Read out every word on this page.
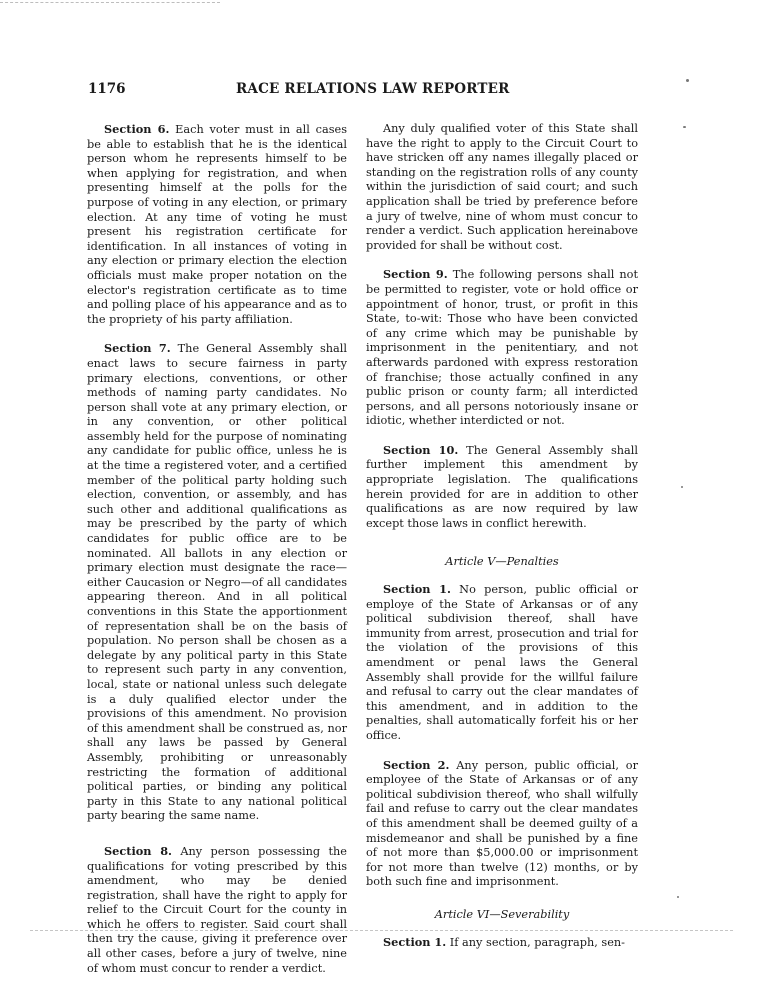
1176	RACE RELATIONS LAW REPORTER

Section 6. Each voter must in all cases be able to establish that he is the identical person whom he represents himself to be when applying for registration, and when presenting himself at the polls for the purpose of voting in any election, or primary election. At any time of voting he must present his registration certificate for identification. In all instances of voting in any election or primary election the election officials must make proper notation on the elector's registration certificate as to time and polling place of his appearance and as to the propriety of his party affiliation.

Section 7. The General Assembly shall enact laws to secure fairness in party primary elections, conventions, or other methods of naming party candidates. No person shall vote at any primary election, or in any convention, or other political assembly held for the purpose of nominating any candidate for public office, unless he is at the time a registered voter, and a certified member of the political party holding such election, convention, or assembly, and has such other and additional qualifications as may be prescribed by the party of which candidates for public office are to be nominated. All ballots in any election or primary election must designate the race—either Caucasion or Negro—of all candidates appearing thereon. And in all political conventions in this State the apportionment of representation shall be on the basis of population. No person shall be chosen as a delegate by any political party in this State to represent such party in any convention, local, state or national unless such delegate is a duly qualified elector under the provisions of this amendment. No provision of this amendment shall be construed as, nor shall any laws be passed by General Assembly, prohibiting or unreasonably restricting the formation of additional political parties, or binding any political party in this State to any national political party bearing the same name.

Section 8. Any person possessing the qualifications for voting prescribed by this amendment, who may be denied registration, shall have the right to apply for relief to the Circuit Court for the county in which he offers to register. Said court shall then try the cause, giving it preference over all other cases, before a jury of twelve, nine of whom must concur to render a verdict.

Any duly qualified voter of this State shall have the right to apply to the Circuit Court to have stricken off any names illegally placed or standing on the registration rolls of any county within the jurisdiction of said court; and such application shall be tried by preference before a jury of twelve, nine of whom must concur to render a verdict. Such application hereinabove provided for shall be without cost.

Section 9. The following persons shall not be permitted to register, vote or hold office or appointment of honor, trust, or profit in this State, to-wit: Those who have been convicted of any crime which may be punishable by imprisonment in the penitentiary, and not afterwards pardoned with express restoration of franchise; those actually confined in any public prison or county farm; all interdicted persons, and all persons notoriously insane or idiotic, whether interdicted or not.

Section 10. The General Assembly shall further implement this amendment by appropriate legislation. The qualifications herein provided for are in addition to other qualifications as are now required by law except those laws in conflict herewith.

Article V—Penalties

Section 1. No person, public official or employe of the State of Arkansas or of any political subdivision thereof, shall have immunity from arrest, prosecution and trial for the violation of the provisions of this amendment or penal laws the General Assembly shall provide for the willful failure and refusal to carry out the clear mandates of this amendment, and in addition to the penalties, shall automatically forfeit his or her office.

Section 2. Any person, public official, or employee of the State of Arkansas or of any political subdivision thereof, who shall wilfully fail and refuse to carry out the clear mandates of this amendment shall be deemed guilty of a misdemeanor and shall be punished by a fine of not more than $5,000.00 or imprisonment for not more than twelve (12) months, or by both such fine and imprisonment.

Article VI—Severability

Section 1. If any section, paragraph, sen-
